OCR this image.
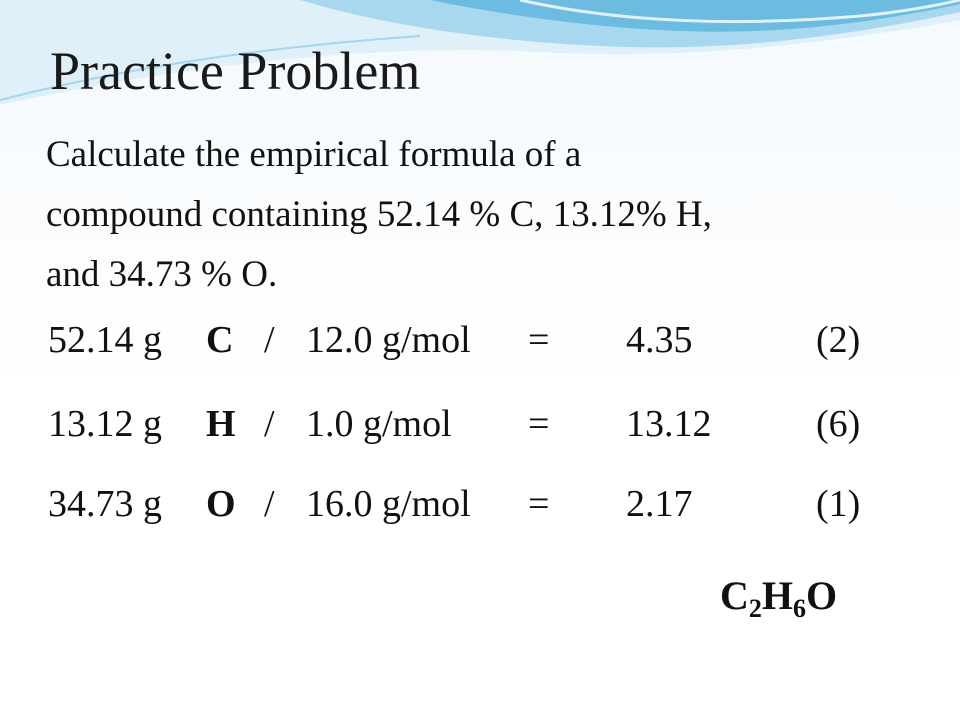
Practice Problem
Calculate the empirical formula of a
compound containing 52.14 % C, 13.12% H,
and 34.73 % O.
52.14 g C / 12.0 g/mol = 4.35	(2)
13.12 g H / 1.0 g/mol = 13.12	(6)
34.73 g O / 16.0 g/mol = 2.17	(1)
$C_2H_6O$
